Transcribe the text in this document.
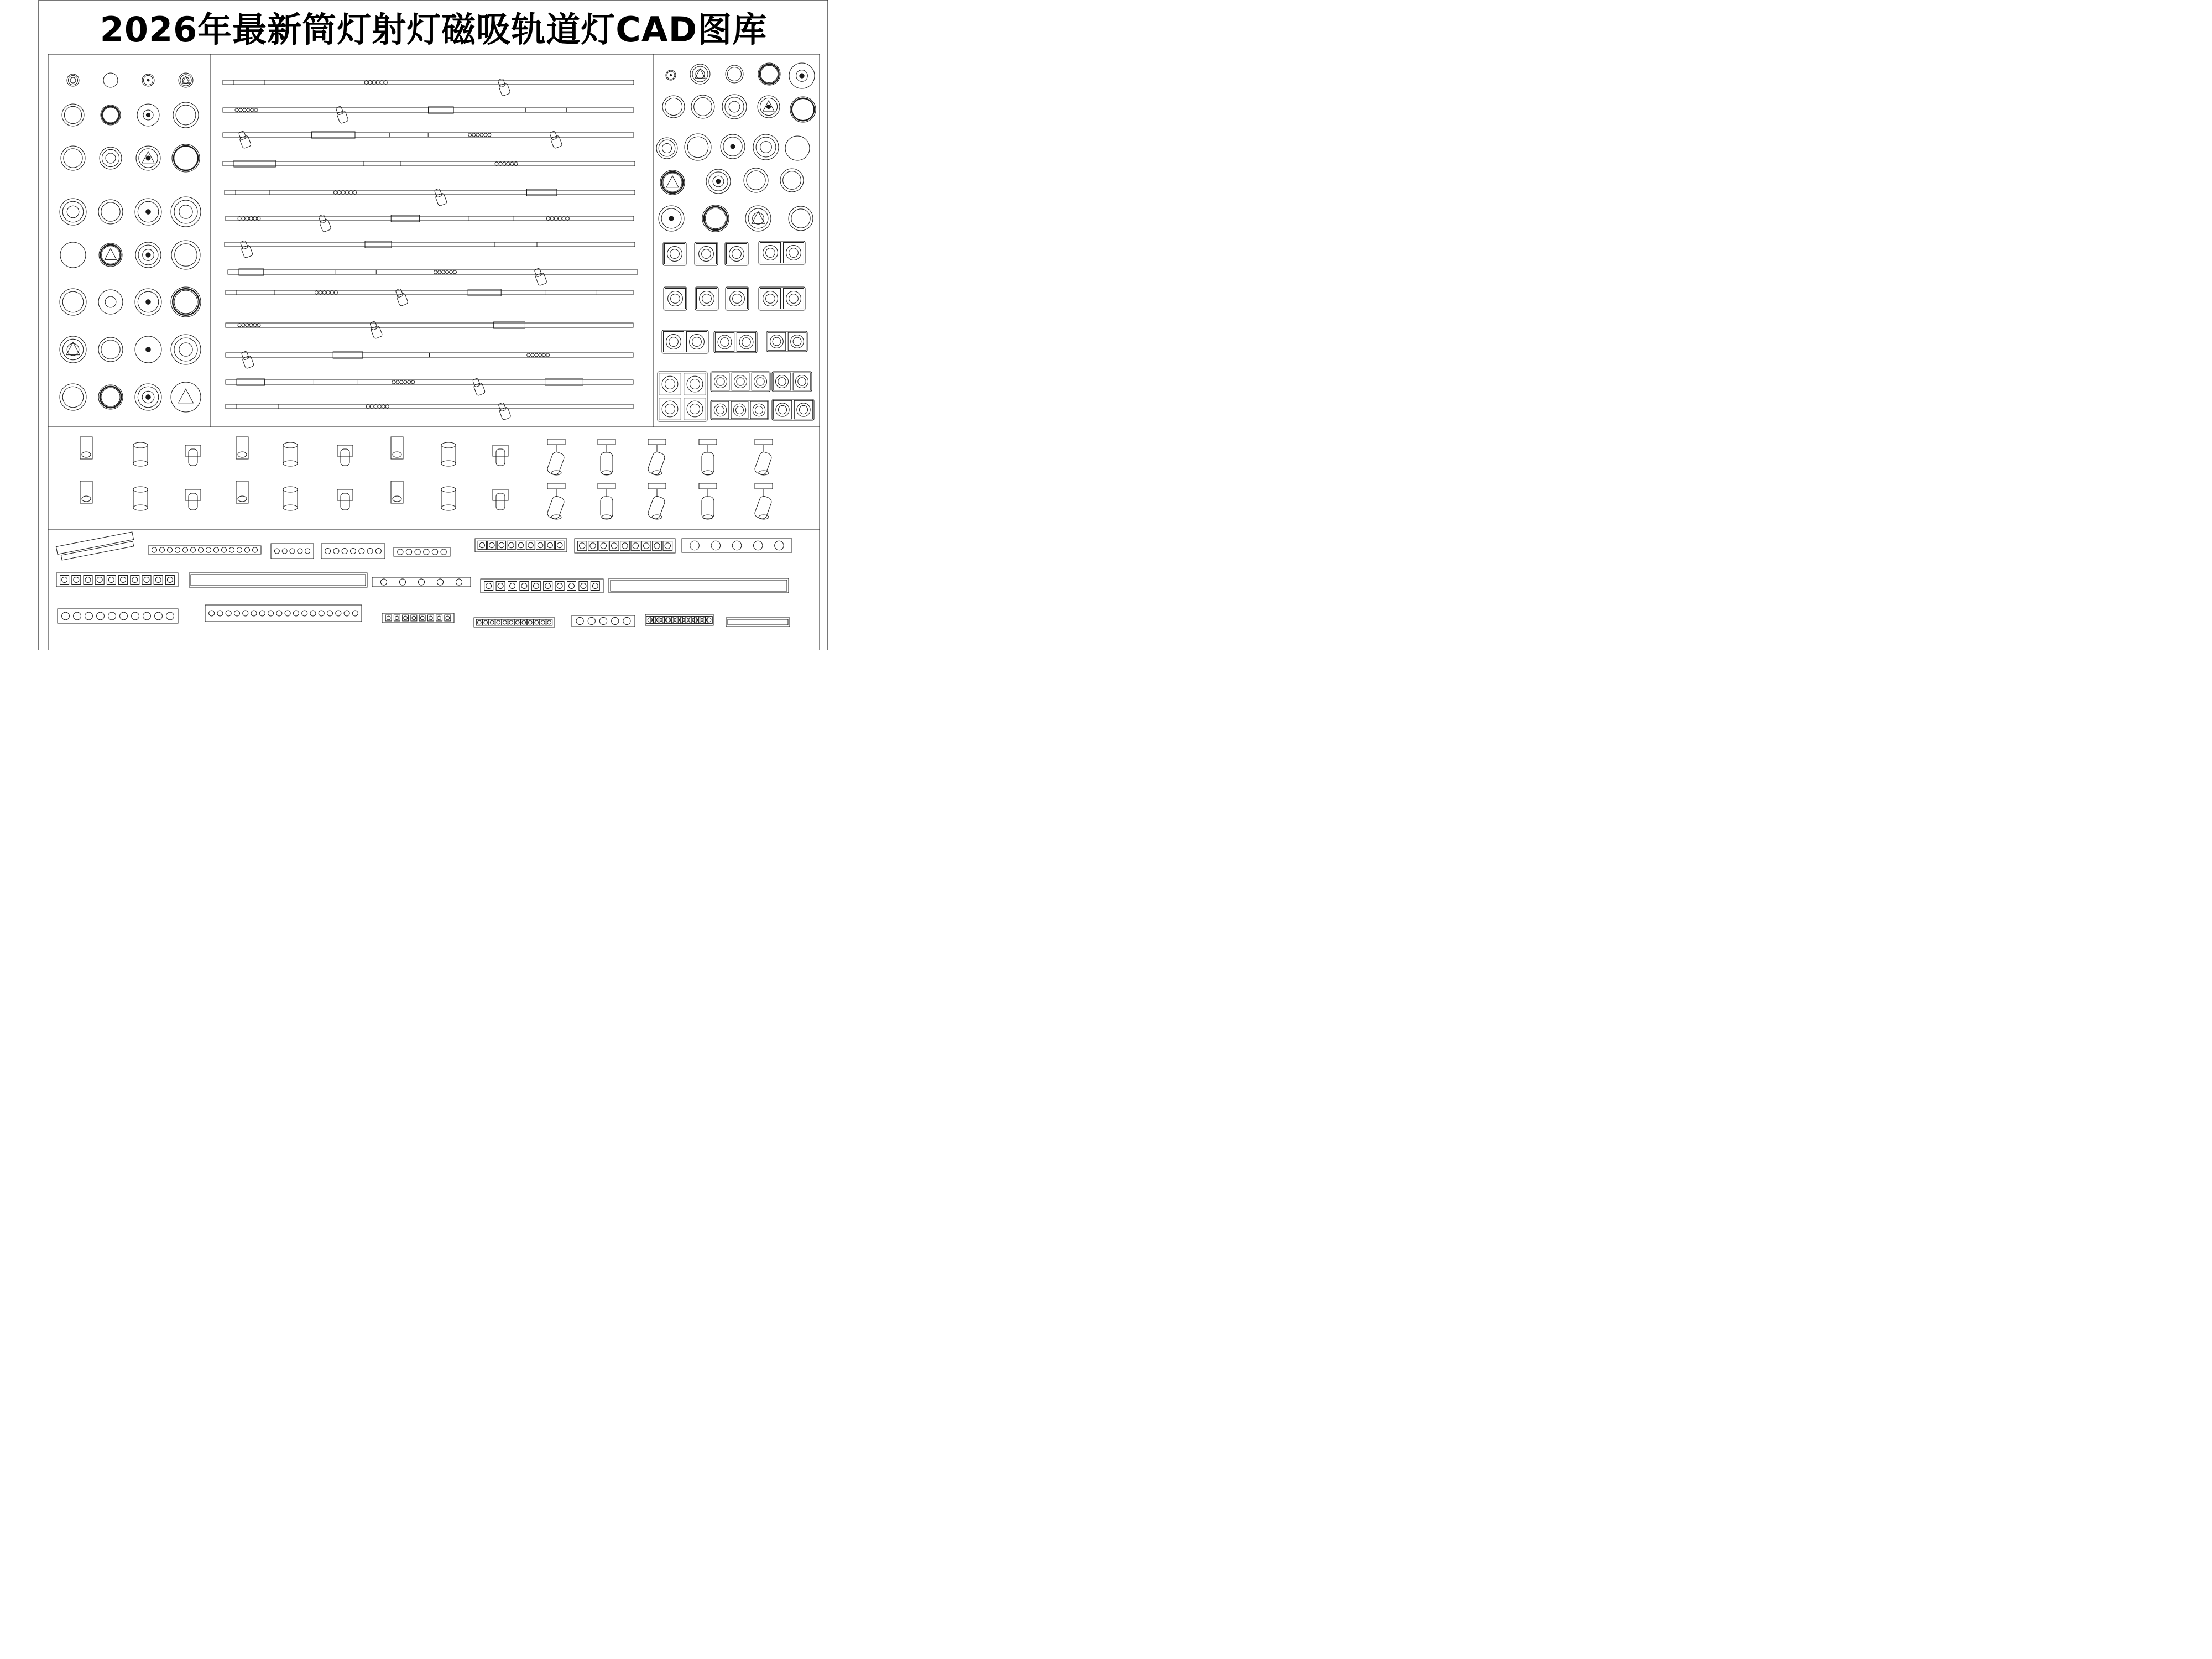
2026年最新筒灯射灯磁吸轨道灯CAD图库
